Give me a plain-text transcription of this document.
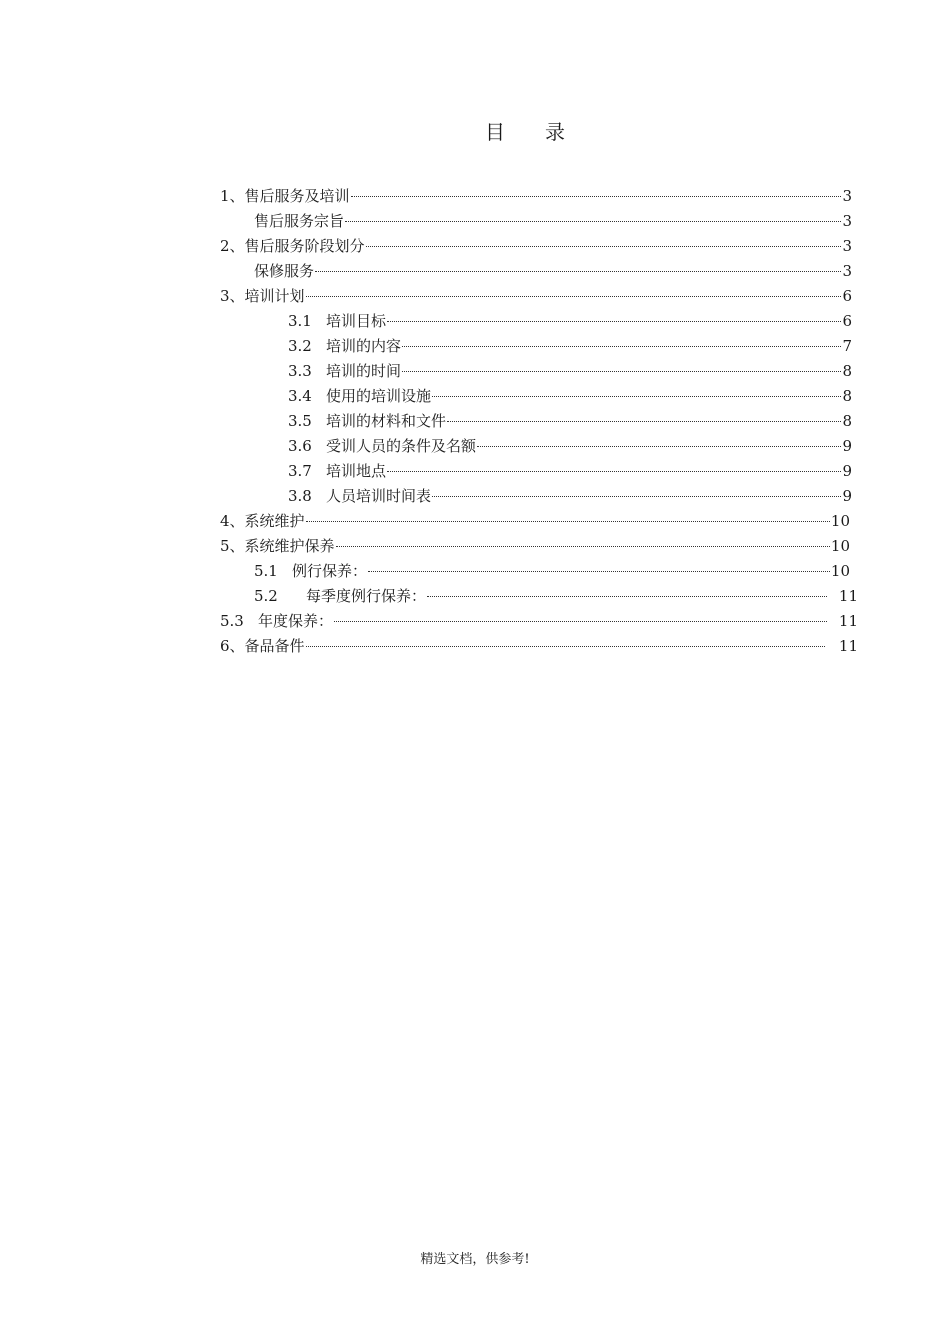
目 录
1、 售后服务及培训	3
售后服务宗旨	3
2、 售后服务阶段划分	3
保修服务	3
3、 培训计划	6
3.1 培训目标	6
3.2 培训的内容	7
3.3 培训的时间	8
3.4 使用的培训设施	8
3.5 培训的材料和文件	8
3.6 受训人员的条件及名额	9
3.7 培训地点	9
3.8 人员培训时间表	9
4、 系统维护	10
5、 系统维护保养	10
5.1 例行保养：	10
5.2	每季度例行保养：	11
5.3 年度保养：	11
6、 备品备件	11
精选文档，供参考!
